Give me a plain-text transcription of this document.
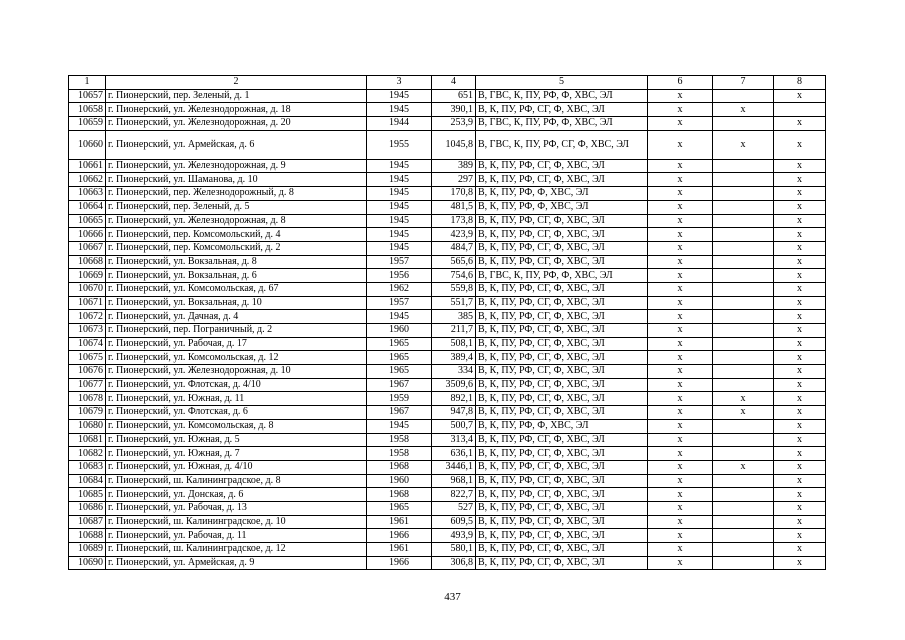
1	2	3	4	5	6	7	8
10657	г. Пионерский, пер. Зеленый, д. 1	1945	651	В, ГВС, К, ПУ, РФ, Ф, ХВС, ЭЛ	х		х
10658	г. Пионерский, ул. Железнодорожная, д. 18	1945	390,1	В, К, ПУ, РФ, СГ, Ф, ХВС, ЭЛ	х	х	
10659	г. Пионерский, ул. Железнодорожная, д. 20	1944	253,9	В, ГВС, К, ПУ, РФ, Ф, ХВС, ЭЛ	х		х
10660	г. Пионерский, ул. Армейская, д. 6	1955	1045,8	В, ГВС, К, ПУ, РФ, СГ, Ф, ХВС, ЭЛ	х	х	х
10661	г. Пионерский, ул. Железнодорожная, д. 9	1945	389	В, К, ПУ, РФ, СГ, Ф, ХВС, ЭЛ	х		х
10662	г. Пионерский, ул. Шаманова, д. 10	1945	297	В, К, ПУ, РФ, СГ, Ф, ХВС, ЭЛ	х		х
10663	г. Пионерский, пер. Железнодорожный, д. 8	1945	170,8	В, К, ПУ, РФ, Ф, ХВС, ЭЛ	х		х
10664	г. Пионерский, пер. Зеленый, д. 5	1945	481,5	В, К, ПУ, РФ, Ф, ХВС, ЭЛ	х		х
10665	г. Пионерский, ул. Железнодорожная, д. 8	1945	173,8	В, К, ПУ, РФ, СГ, Ф, ХВС, ЭЛ	х		х
10666	г. Пионерский, пер. Комсомольский, д. 4	1945	423,9	В, К, ПУ, РФ, СГ, Ф, ХВС, ЭЛ	х		х
10667	г. Пионерский, пер. Комсомольский, д. 2	1945	484,7	В, К, ПУ, РФ, СГ, Ф, ХВС, ЭЛ	х		х
10668	г. Пионерский, ул. Вокзальная, д. 8	1957	565,6	В, К, ПУ, РФ, СГ, Ф, ХВС, ЭЛ	х		х
10669	г. Пионерский, ул. Вокзальная, д. 6	1956	754,6	В, ГВС, К, ПУ, РФ, Ф, ХВС, ЭЛ	х		х
10670	г. Пионерский, ул. Комсомольская, д. 67	1962	559,8	В, К, ПУ, РФ, СГ, Ф, ХВС, ЭЛ	х		х
10671	г. Пионерский, ул. Вокзальная, д. 10	1957	551,7	В, К, ПУ, РФ, СГ, Ф, ХВС, ЭЛ	х		х
10672	г. Пионерский, ул. Дачная, д. 4	1945	385	В, К, ПУ, РФ, СГ, Ф, ХВС, ЭЛ	х		х
10673	г. Пионерский, пер. Пограничный, д. 2	1960	211,7	В, К, ПУ, РФ, СГ, Ф, ХВС, ЭЛ	х		х
10674	г. Пионерский, ул. Рабочая, д. 17	1965	508,1	В, К, ПУ, РФ, СГ, Ф, ХВС, ЭЛ	х		х
10675	г. Пионерский, ул. Комсомольская, д. 12	1965	389,4	В, К, ПУ, РФ, СГ, Ф, ХВС, ЭЛ	х		х
10676	г. Пионерский, ул. Железнодорожная, д. 10	1965	334	В, К, ПУ, РФ, СГ, Ф, ХВС, ЭЛ	х		х
10677	г. Пионерский, ул. Флотская, д. 4/10	1967	3509,6	В, К, ПУ, РФ, СГ, Ф, ХВС, ЭЛ	х		х
10678	г. Пионерский, ул. Южная, д. 11	1959	892,1	В, К, ПУ, РФ, СГ, Ф, ХВС, ЭЛ	х	х	х
10679	г. Пионерский, ул. Флотская, д. 6	1967	947,8	В, К, ПУ, РФ, СГ, Ф, ХВС, ЭЛ	х	х	х
10680	г. Пионерский, ул. Комсомольская, д. 8	1945	500,7	В, К, ПУ, РФ, Ф, ХВС, ЭЛ	х		х
10681	г. Пионерский, ул. Южная, д. 5	1958	313,4	В, К, ПУ, РФ, СГ, Ф, ХВС, ЭЛ	х		х
10682	г. Пионерский, ул. Южная, д. 7	1958	636,1	В, К, ПУ, РФ, СГ, Ф, ХВС, ЭЛ	х		х
10683	г. Пионерский, ул. Южная, д. 4/10	1968	3446,1	В, К, ПУ, РФ, СГ, Ф, ХВС, ЭЛ	х	х	х
10684	г. Пионерский, ш. Калининградское, д. 8	1960	968,1	В, К, ПУ, РФ, СГ, Ф, ХВС, ЭЛ	х		х
10685	г. Пионерский, ул. Донская, д. 6	1968	822,7	В, К, ПУ, РФ, СГ, Ф, ХВС, ЭЛ	х		х
10686	г. Пионерский, ул. Рабочая, д. 13	1965	527	В, К, ПУ, РФ, СГ, Ф, ХВС, ЭЛ	х		х
10687	г. Пионерский, ш. Калининградское, д. 10	1961	609,5	В, К, ПУ, РФ, СГ, Ф, ХВС, ЭЛ	х		х
10688	г. Пионерский, ул. Рабочая, д. 11	1966	493,9	В, К, ПУ, РФ, СГ, Ф, ХВС, ЭЛ	х		х
10689	г. Пионерский, ш. Калининградское, д. 12	1961	580,1	В, К, ПУ, РФ, СГ, Ф, ХВС, ЭЛ	х		х
10690	г. Пионерский, ул. Армейская, д. 9	1966	306,8	В, К, ПУ, РФ, СГ, Ф, ХВС, ЭЛ	х		х
437
